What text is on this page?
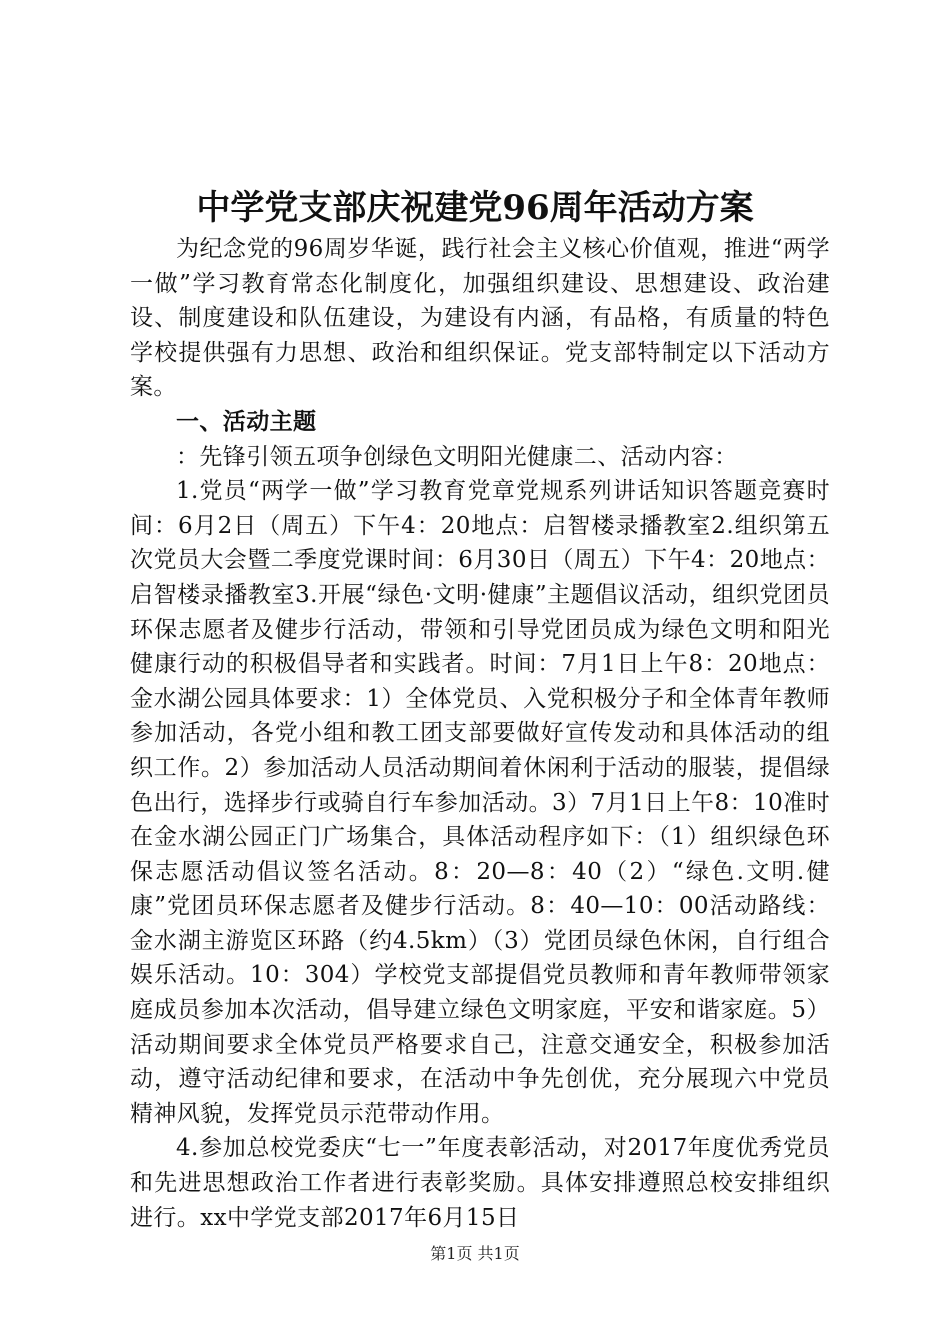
中学党支部庆祝建党96周年活动方案

为纪念党的96周岁华诞，践行社会主义核心价值观，推进“两学一做”学习教育常态化制度化，加强组织建设、思想建设、政治建设、制度建设和队伍建设，为建设有内涵，有品格，有质量的特色学校提供强有力思想、政治和组织保证。党支部特制定以下活动方案。

一、活动主题

：先锋引领五项争创绿色文明阳光健康二、活动内容：

1.党员“两学一做”学习教育党章党规系列讲话知识答题竞赛时间：6月2日（周五）下午4：20地点：启智楼录播教室2.组织第五次党员大会暨二季度党课时间：6月30日（周五）下午4：20地点：启智楼录播教室3.开展“绿色·文明·健康”主题倡议活动，组织党团员环保志愿者及健步行活动，带领和引导党团员成为绿色文明和阳光健康行动的积极倡导者和实践者。时间：7月1日上午8：20地点：金水湖公园具体要求：1）全体党员、入党积极分子和全体青年教师参加活动，各党小组和教工团支部要做好宣传发动和具体活动的组织工作。2）参加活动人员活动期间着休闲利于活动的服装，提倡绿色出行，选择步行或骑自行车参加活动。3）7月1日上午8：10准时在金水湖公园正门广场集合，具体活动程序如下：（1）组织绿色环保志愿活动倡议签名活动。8：20—8：40（2）“绿色.文明.健康”党团员环保志愿者及健步行活动。8：40—10：00活动路线：金水湖主游览区环路（约4.5km）（3）党团员绿色休闲，自行组合娱乐活动。10：304）学校党支部提倡党员教师和青年教师带领家庭成员参加本次活动，倡导建立绿色文明家庭，平安和谐家庭。5）活动期间要求全体党员严格要求自己，注意交通安全，积极参加活动，遵守活动纪律和要求，在活动中争先创优，充分展现六中党员精神风貌，发挥党员示范带动作用。

4.参加总校党委庆“七一”年度表彰活动，对2017年度优秀党员和先进思想政治工作者进行表彰奖励。具体安排遵照总校安排组织进行。xx中学党支部2017年6月15日

第1页 共1页
